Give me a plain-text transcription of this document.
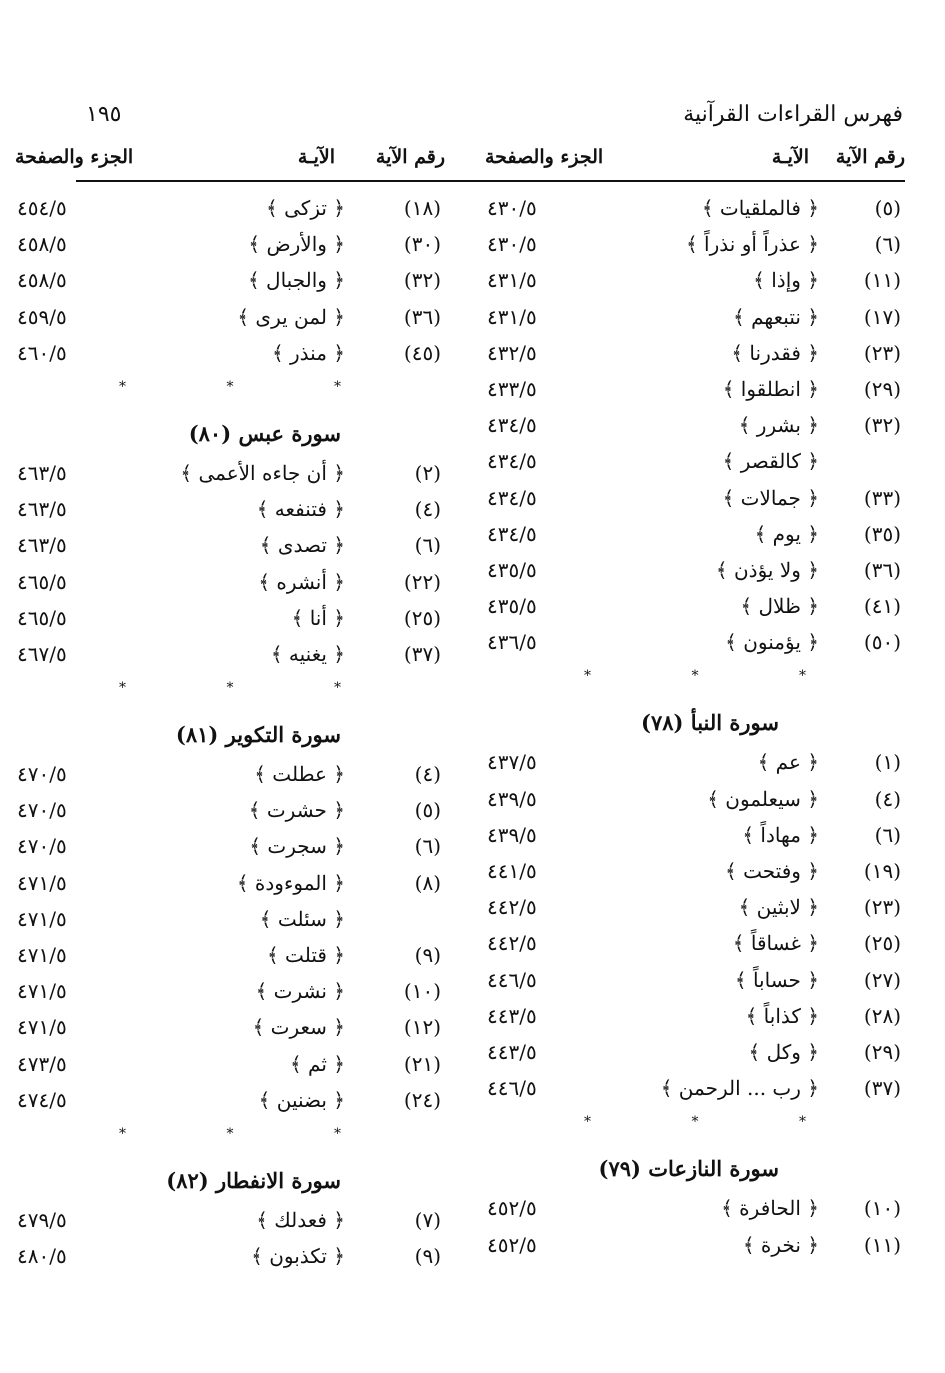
فهرس القراءات القرآنية
١٩٥
رقم الآية
الآيـة
الجزء والصفحة
(٥)
﴿ فالملقيات ﴾
٤٣٠/٥
(٦)
﴿ عذراً أو نذراً ﴾
٤٣٠/٥
(١١)
﴿ وإذا ﴾
٤٣١/٥
(١٧)
﴿ نتبعهم ﴾
٤٣١/٥
(٢٣)
﴿ فقدرنا ﴾
٤٣٢/٥
(٢٩)
﴿ انطلقوا ﴾
٤٣٣/٥
(٣٢)
﴿ بشرر ﴾
٤٣٤/٥
﴿ كالقصر ﴾
٤٣٤/٥
(٣٣)
﴿ جمالات ﴾
٤٣٤/٥
(٣٥)
﴿ يوم ﴾
٤٣٤/٥
(٣٦)
﴿ ولا يؤذن ﴾
٤٣٥/٥
(٤١)
﴿ ظلال ﴾
٤٣٥/٥
(٥٠)
﴿ يؤمنون ﴾
٤٣٦/٥
* * *
سورة النبأ (٧٨)
(١)
﴿ عم ﴾
٤٣٧/٥
(٤)
﴿ سيعلمون ﴾
٤٣٩/٥
(٦)
﴿ مهاداً ﴾
٤٣٩/٥
(١٩)
﴿ وفتحت ﴾
٤٤١/٥
(٢٣)
﴿ لابثين ﴾
٤٤٢/٥
(٢٥)
﴿ غساقاً ﴾
٤٤٢/٥
(٢٧)
﴿ حساباً ﴾
٤٤٦/٥
(٢٨)
﴿ كذاباً ﴾
٤٤٣/٥
(٢٩)
﴿ وكل ﴾
٤٤٣/٥
(٣٧)
﴿ رب ... الرحمن ﴾
٤٤٦/٥
* * *
سورة النازعات (٧٩)
(١٠)
﴿ الحافرة ﴾
٤٥٢/٥
(١١)
﴿ نخرة ﴾
٤٥٢/٥
رقم الآية
الآيـة
الجزء والصفحة
(١٨)
﴿ تزكى ﴾
٤٥٤/٥
(٣٠)
﴿ والأرض ﴾
٤٥٨/٥
(٣٢)
﴿ والجبال ﴾
٤٥٨/٥
(٣٦)
﴿ لمن يرى ﴾
٤٥٩/٥
(٤٥)
﴿ منذر ﴾
٤٦٠/٥
* * *
سورة عبس (٨٠)
(٢)
﴿ أن جاءه الأعمى ﴾
٤٦٣/٥
(٤)
﴿ فتنفعه ﴾
٤٦٣/٥
(٦)
﴿ تصدى ﴾
٤٦٣/٥
(٢٢)
﴿ أنشره ﴾
٤٦٥/٥
(٢٥)
﴿ أنا ﴾
٤٦٥/٥
(٣٧)
﴿ يغنيه ﴾
٤٦٧/٥
* * *
سورة التكوير (٨١)
(٤)
﴿ عطلت ﴾
٤٧٠/٥
(٥)
﴿ حشرت ﴾
٤٧٠/٥
(٦)
﴿ سجرت ﴾
٤٧٠/٥
(٨)
﴿ الموءودة ﴾
٤٧١/٥
﴿ سئلت ﴾
٤٧١/٥
(٩)
﴿ قتلت ﴾
٤٧١/٥
(١٠)
﴿ نشرت ﴾
٤٧١/٥
(١٢)
﴿ سعرت ﴾
٤٧١/٥
(٢١)
﴿ ثم ﴾
٤٧٣/٥
(٢٤)
﴿ بضنين ﴾
٤٧٤/٥
* * *
سورة الانفطار (٨٢)
(٧)
﴿ فعدلك ﴾
٤٧٩/٥
(٩)
﴿ تكذبون ﴾
٤٨٠/٥
